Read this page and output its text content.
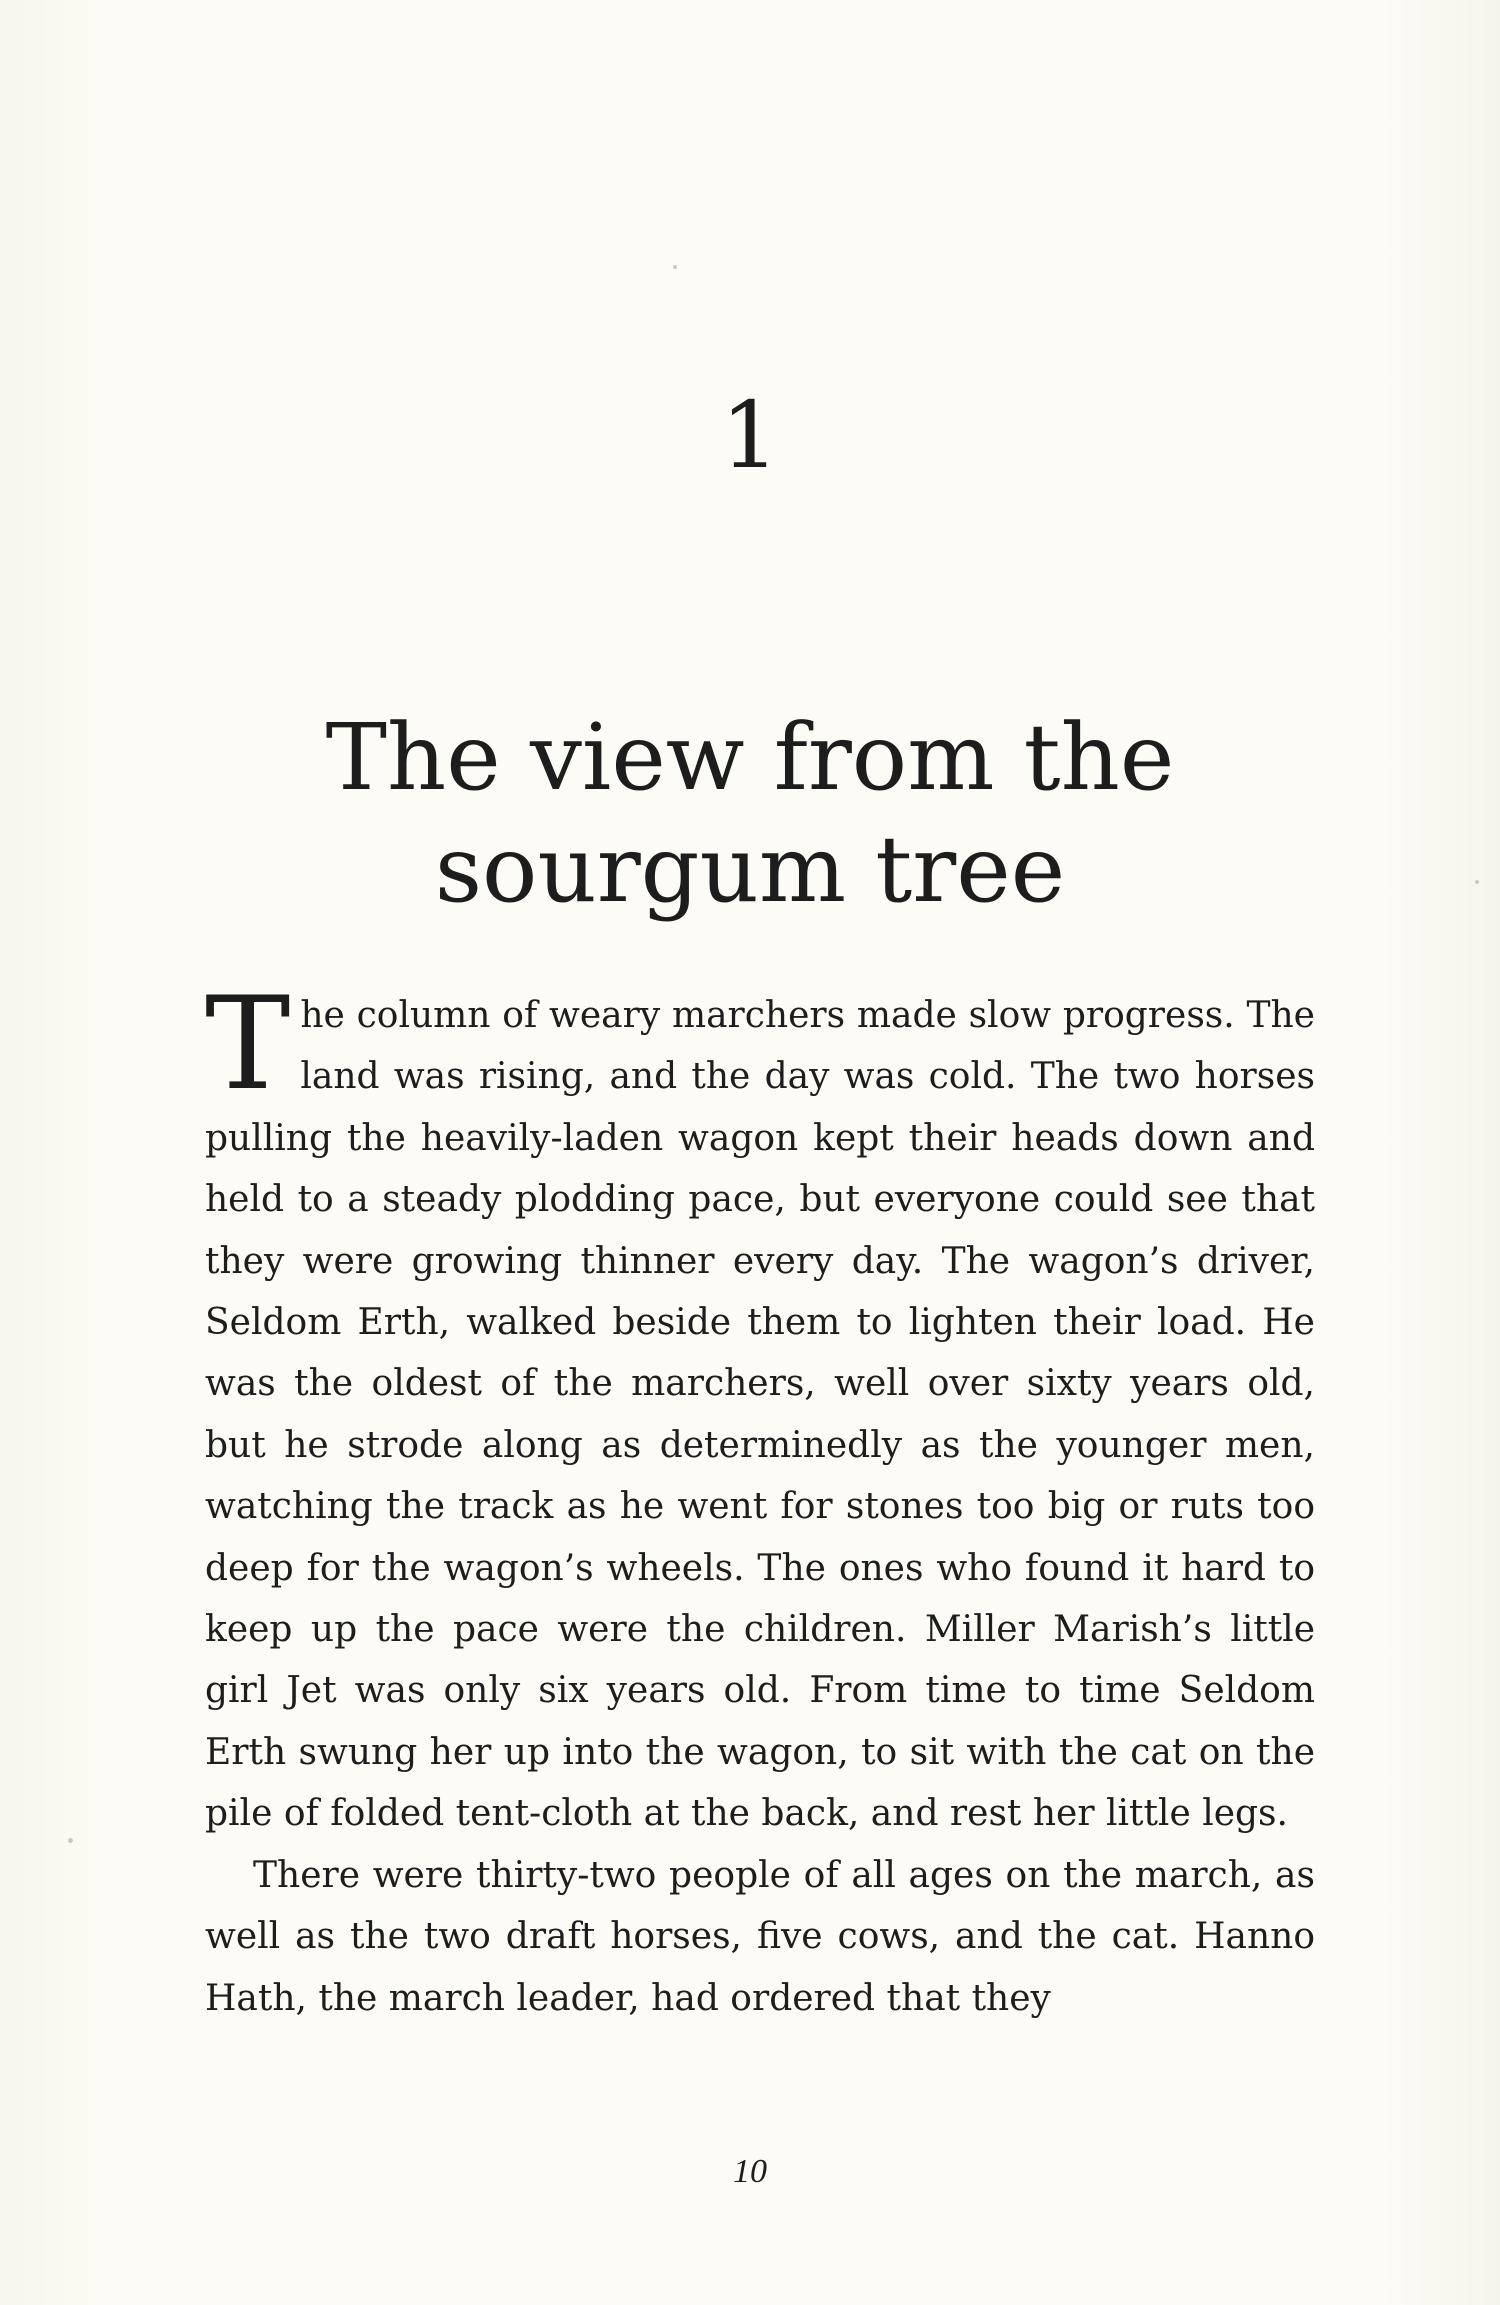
1
The view from the
sourgum tree

The column of weary marchers made slow progress. The land was rising, and the day was cold. The two horses pulling the heavily-laden wagon kept their heads down and held to a steady plodding pace, but everyone could see that they were growing thinner every day. The wagon’s driver, Seldom Erth, walked beside them to lighten their load. He was the oldest of the marchers, well over sixty years old, but he strode along as determinedly as the younger men, watching the track as he went for stones too big or ruts too deep for the wagon’s wheels. The ones who found it hard to keep up the pace were the children. Miller Marish’s little girl Jet was only six years old. From time to time Seldom Erth swung her up into the wagon, to sit with the cat on the pile of folded tent-cloth at the back, and rest her little legs.

There were thirty-two people of all ages on the march, as well as the two draft horses, five cows, and the cat. Hanno Hath, the march leader, had ordered that they

10
